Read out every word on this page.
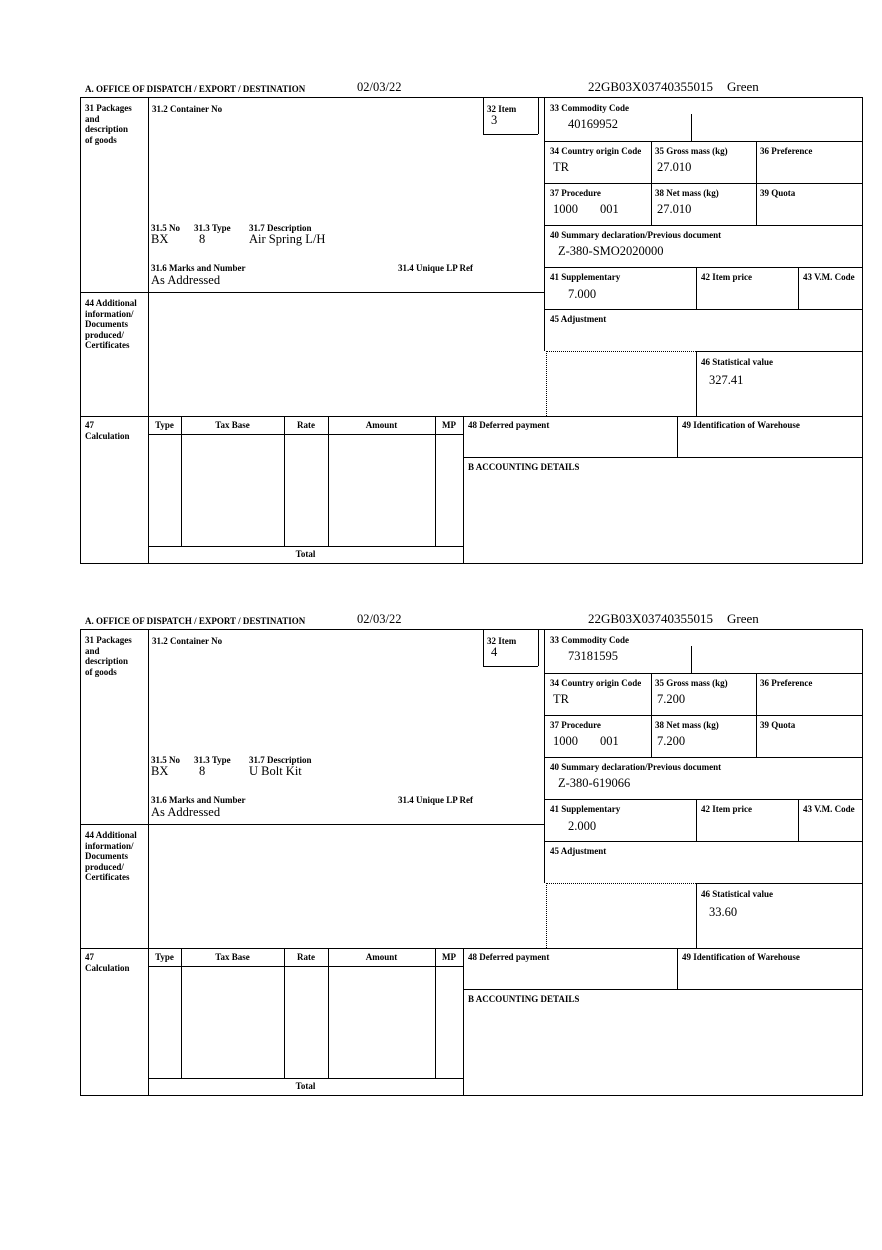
A. OFFICE OF DISPATCH / EXPORT / DESTINATION	02/03/22	22GB03X03740355015 Green
31 Packages and description of goods
44 Additional information/ Documents produced/ Certificates
47 Calculation
31.2 Container No	32 Item
3
33 Commodity Code
40169952
34 Country origin Code
TR
35 Gross mass (kg)
27.010
36 Preference
37 Procedure
1000 001
38 Net mass (kg)
27.010
39 Quota
40 Summary declaration/Previous document
Z-380-SMO2020000
41 Supplementary
7.000
42 Item price	43 V.M. Code
45 Adjustment
46 Statistical value
327.41
31.5 No 31.3 Type 31.7 Description
BX 8	Air Spring L/H
31.6 Marks and Number	31.4 Unique LP Ref
As Addressed
Type	Tax Base	Rate	Amount	MP	48 Deferred payment	49 Identification of Warehouse
B ACCOUNTING DETAILS
Total
A. OFFICE OF DISPATCH / EXPORT / DESTINATION	02/03/22	22GB03X03740355015 Green
31 Packages and description of goods
44 Additional information/ Documents produced/ Certificates
47 Calculation
31.2 Container No	32 Item
4
33 Commodity Code
73181595
34 Country origin Code
TR
35 Gross mass (kg)
7.200
36 Preference
37 Procedure
1000 001
38 Net mass (kg)
7.200
39 Quota
40 Summary declaration/Previous document
Z-380-619066
41 Supplementary
2.000
42 Item price	43 V.M. Code
45 Adjustment
46 Statistical value
33.60
31.5 No 31.3 Type 31.7 Description
BX 8	U Bolt Kit
31.6 Marks and Number	31.4 Unique LP Ref
As Addressed
Type	Tax Base	Rate	Amount	MP	48 Deferred payment	49 Identification of Warehouse
B ACCOUNTING DETAILS
Total
